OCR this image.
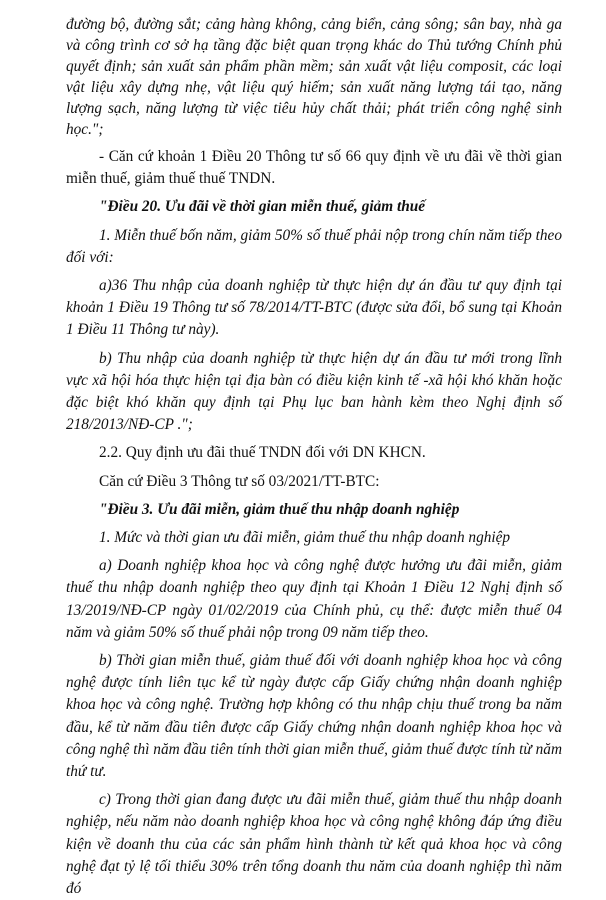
đường bộ, đường sắt; cảng hàng không, cảng biển, cảng sông; sân bay, nhà ga và công trình cơ sở hạ tầng đặc biệt quan trọng khác do Thủ tướng Chính phủ quyết định; sản xuất sản phẩm phần mềm; sản xuất vật liệu composit, các loại vật liệu xây dựng nhẹ, vật liệu quý hiếm; sản xuất năng lượng tái tạo, năng lượng sạch, năng lượng từ việc tiêu hủy chất thải; phát triển công nghệ sinh học.";

- Căn cứ khoản 1 Điều 20 Thông tư số 66 quy định về ưu đãi về thời gian miễn thuế, giảm thuế thuế TNDN.

"Điều 20. Ưu đãi về thời gian miễn thuế, giảm thuế

1. Miễn thuế bốn năm, giảm 50% số thuế phải nộp trong chín năm tiếp theo đối với:

a)36 Thu nhập của doanh nghiệp từ thực hiện dự án đầu tư quy định tại khoản 1 Điều 19 Thông tư số 78/2014/TT-BTC (được sửa đổi, bổ sung tại Khoản 1 Điều 11 Thông tư này).

b) Thu nhập của doanh nghiệp từ thực hiện dự án đầu tư mới trong lĩnh vực xã hội hóa thực hiện tại địa bàn có điều kiện kinh tế -xã hội khó khăn hoặc đặc biệt khó khăn quy định tại Phụ lục ban hành kèm theo Nghị định số 218/2013/NĐ-CP .";

2.2. Quy định ưu đãi thuế TNDN đối với DN KHCN.

Căn cứ Điều 3 Thông tư số 03/2021/TT-BTC:

"Điều 3. Ưu đãi miễn, giảm thuế thu nhập doanh nghiệp

1. Mức và thời gian ưu đãi miễn, giảm thuế thu nhập doanh nghiệp

a) Doanh nghiệp khoa học và công nghệ được hưởng ưu đãi miễn, giảm thuế thu nhập doanh nghiệp theo quy định tại Khoản 1 Điều 12 Nghị định số 13/2019/NĐ-CP ngày 01/02/2019 của Chính phủ, cụ thể: được miễn thuế 04 năm và giảm 50% số thuế phải nộp trong 09 năm tiếp theo.

b) Thời gian miễn thuế, giảm thuế đối với doanh nghiệp khoa học và công nghệ được tính liên tục kể từ ngày được cấp Giấy chứng nhận doanh nghiệp khoa học và công nghệ. Trường hợp không có thu nhập chịu thuế trong ba năm đầu, kể từ năm đầu tiên được cấp Giấy chứng nhận doanh nghiệp khoa học và công nghệ thì năm đầu tiên tính thời gian miễn thuế, giảm thuế được tính từ năm thứ tư.

c) Trong thời gian đang được ưu đãi miễn thuế, giảm thuế thu nhập doanh nghiệp, nếu năm nào doanh nghiệp khoa học và công nghệ không đáp ứng điều kiện về doanh thu của các sản phẩm hình thành từ kết quả khoa học và công nghệ đạt tỷ lệ tối thiểu 30% trên tổng doanh thu năm của doanh nghiệp thì năm đó
